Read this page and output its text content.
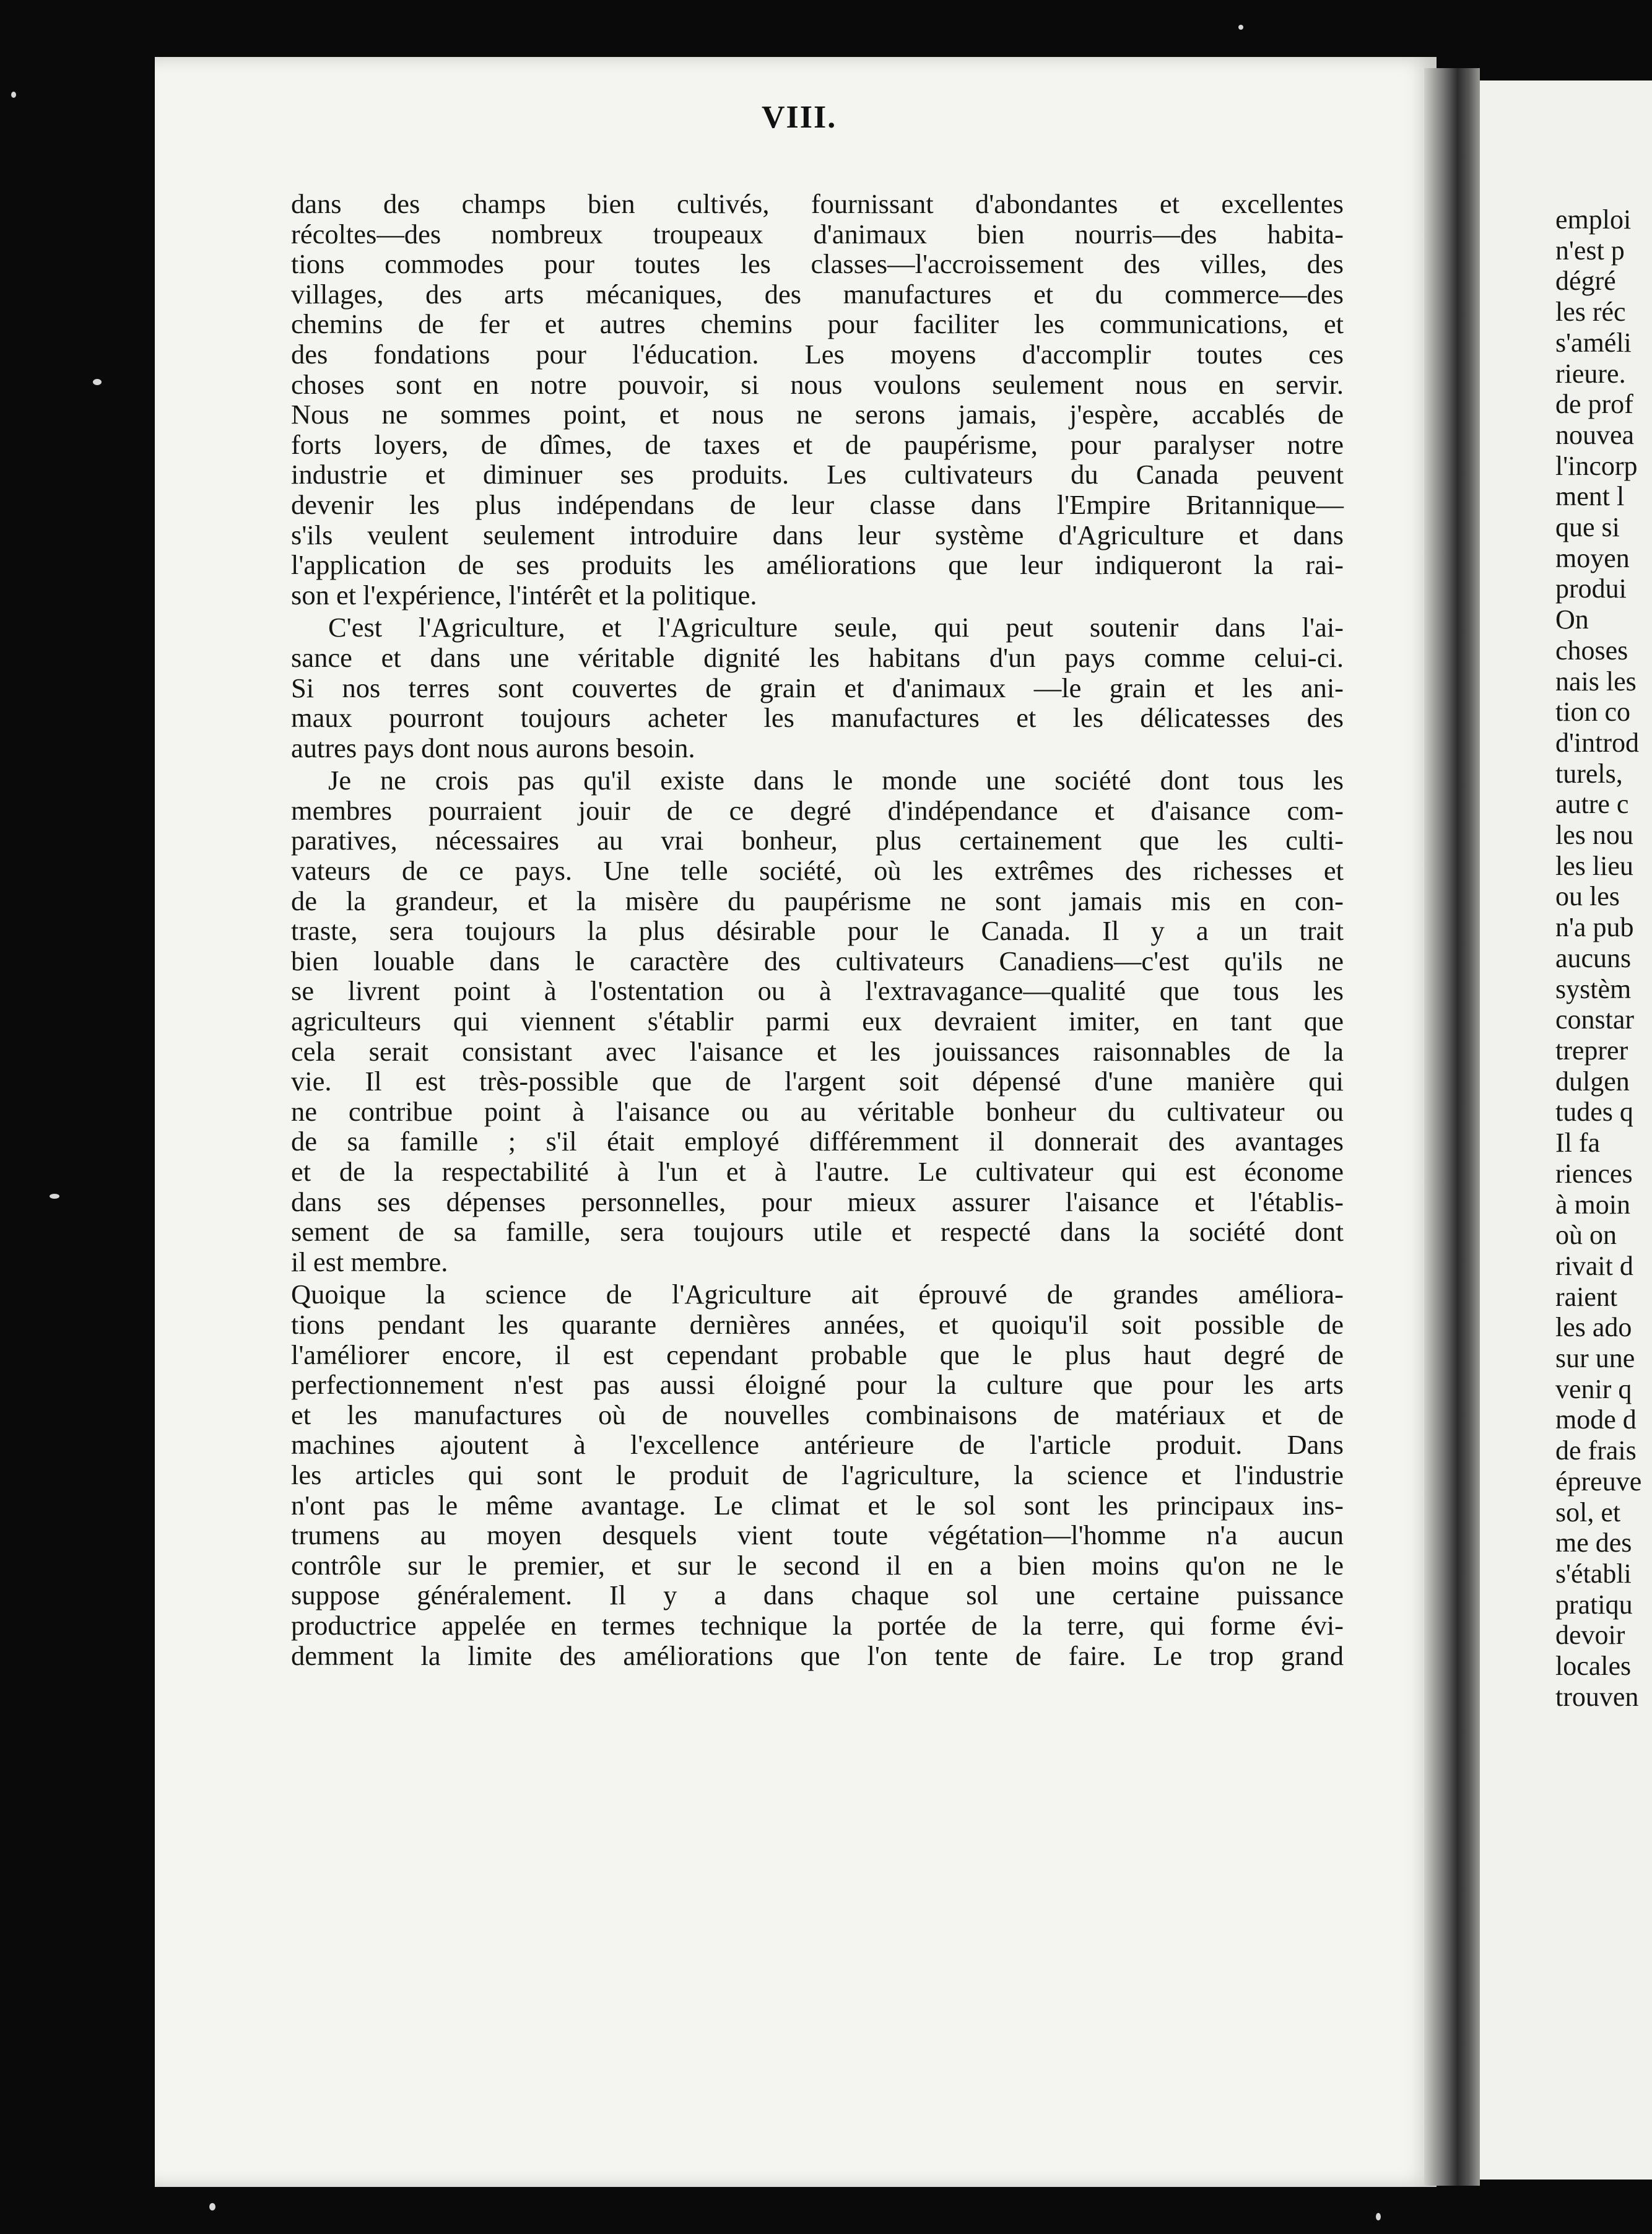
VIII.
dans des champs bien cultivés, fournissant d'abondantes et excellentes
récoltes—des nombreux troupeaux d'animaux bien nourris—des habita-
tions commodes pour toutes les classes—l'accroissement des villes, des
villages, des arts mécaniques, des manufactures et du commerce—des
chemins de fer et autres chemins pour faciliter les communications, et
des fondations pour l'éducation. Les moyens d'accomplir toutes ces
choses sont en notre pouvoir, si nous voulons seulement nous en servir.
Nous ne sommes point, et nous ne serons jamais, j'espère, accablés de
forts loyers, de dîmes, de taxes et de paupérisme, pour paralyser notre
industrie et diminuer ses produits. Les cultivateurs du Canada peuvent
devenir les plus indépendans de leur classe dans l'Empire Britannique—
s'ils veulent seulement introduire dans leur système d'Agriculture et dans
l'application de ses produits les améliorations que leur indiqueront la rai-
son et l'expérience, l'intérêt et la politique.
C'est l'Agriculture, et l'Agriculture seule, qui peut soutenir dans l'ai-
sance et dans une véritable dignité les habitans d'un pays comme celui-ci.
Si nos terres sont couvertes de grain et d'animaux —le grain et les ani-
maux pourront toujours acheter les manufactures et les délicatesses des
autres pays dont nous aurons besoin.
Je ne crois pas qu'il existe dans le monde une société dont tous les
membres pourraient jouir de ce degré d'indépendance et d'aisance com-
paratives, nécessaires au vrai bonheur, plus certainement que les culti-
vateurs de ce pays. Une telle société, où les extrêmes des richesses et
de la grandeur, et la misère du paupérisme ne sont jamais mis en con-
traste, sera toujours la plus désirable pour le Canada. Il y a un trait
bien louable dans le caractère des cultivateurs Canadiens—c'est qu'ils ne
se livrent point à l'ostentation ou à l'extravagance—qualité que tous les
agriculteurs qui viennent s'établir parmi eux devraient imiter, en tant que
cela serait consistant avec l'aisance et les jouissances raisonnables de la
vie. Il est très-possible que de l'argent soit dépensé d'une manière qui
ne contribue point à l'aisance ou au véritable bonheur du cultivateur ou
de sa famille ; s'il était employé différemment il donnerait des avantages
et de la respectabilité à l'un et à l'autre. Le cultivateur qui est économe
dans ses dépenses personnelles, pour mieux assurer l'aisance et l'établis-
sement de sa famille, sera toujours utile et respecté dans la société dont
il est membre.
Quoique la science de l'Agriculture ait éprouvé de grandes améliora-
tions pendant les quarante dernières années, et quoiqu'il soit possible de
l'améliorer encore, il est cependant probable que le plus haut degré de
perfectionnement n'est pas aussi éloigné pour la culture que pour les arts
et les manufactures où de nouvelles combinaisons de matériaux et de
machines ajoutent à l'excellence antérieure de l'article produit. Dans
les articles qui sont le produit de l'agriculture, la science et l'industrie
n'ont pas le même avantage. Le climat et le sol sont les principaux ins-
trumens au moyen desquels vient toute végétation—l'homme n'a aucun
contrôle sur le premier, et sur le second il en a bien moins qu'on ne le
suppose généralement. Il y a dans chaque sol une certaine puissance
productrice appelée en termes technique la portée de la terre, qui forme évi-
demment la limite des améliorations que l'on tente de faire. Le trop grand
emploi
n'est p
dégré
les réc
s'améli
rieure.
de prof
nouvea
l'incorp
ment l
que si
moyen
produi
On
choses
nais les
tion co
d'introd
turels,
autre c
les nou
les lieu
ou les
n'a pub
aucuns
systèm
constar
treprer
dulgen
tudes q
Il fa
riences
à moin
où on
rivait d
raient
les ado
sur une
venir q
mode d
de frais
épreuve
sol, et
me des
s'établi
pratiqu
devoir
locales
trouven
